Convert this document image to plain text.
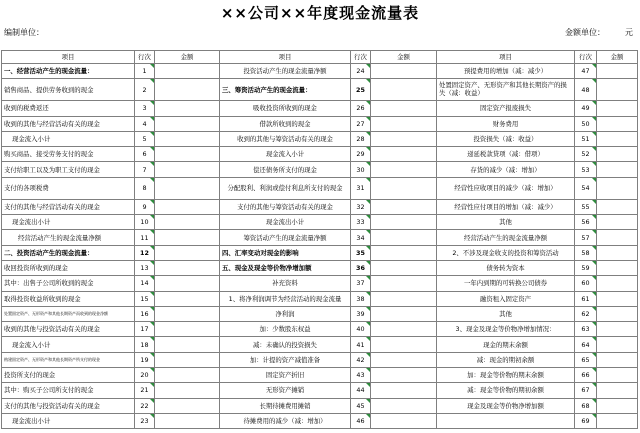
××公司××年度现金流量表
编制单位：	金额单位：	元
项目	行次	金额	项目	行次	金额	项目	行次	金额
一、经营活动产生的现金流量：	1		投资活动产生的现金流量净额	24		预提费用的增加（减：减少）	47

销售商品、提供劳务收到的现金	2		三、筹资活动产生的现金流量：	25		处置固定资产、无形资产和其他长期资产的损失（减：收益）	48

收到的税费返还	3		吸收投资所收到的现金	26		固定资产报废损失	49

收到的其他与经营活动有关的现金	4		借款所收到的现金	27		财务费用	50

现金流入小计	5		收到的其他与筹资活动有关的现金	28		投资损失（减：收益）	51

购买商品、接受劳务支付的现金	6		现金流入小计	29		递延税款贷项（减：借项）	52

支付给职工以及为职工支付的现金	7		偿还债务所支付的现金	30		存货的减少（减：增加）	53

支付的各项税费	8		分配股利、利润或偿付利息所支付的现金	31		经营性应收项目的减少（减：增加）	54

支付的其他与经营活动有关的现金	9		支付的其他与筹资活动有关的现金	32		经营性应付项目的增加（减：减少）	55

现金流出小计	10		现金流出小计	33		其他	56

经营活动产生的现金流量净额	11		筹资活动产生的现金流量净额	34		经营活动产生的现金流量净额	57

二、投资活动产生的现金流量：	12		四、汇率变动对现金的影响	35		2、不涉及现金收支的投资和筹资活动	58

收回投资所收到的现金	13		五、现金及现金等价物净增加额	36		债务转为资本	59

其中：出售子公司所收到的现金	14		补充资料	37		一年内到期的可转换公司债券	60

取得投资收益所收到的现金	15		1、将净利润调节为经营活动的现金流量	38		融资租入固定资产	61

处置固定资产、无形资产和其他长期资产而收到的现金净额	16		净利润	39		其他	62

收到的其他与投资活动有关的现金	17		加：少数股东权益	40		3、现金及现金等价物净增加情况：	63

现金流入小计	18		减：未确认的投资损失	41		现金的期末余额	64

购建固定资产、无形资产和其他长期资产所支付的现金	19		加：计提的资产减值准备	42		减：现金的期初余额	65

投资所支付的现金	20		固定资产折旧	43		加：现金等价物的期末余额	66

其中：购买子公司所支付的现金	21		无形资产摊销	44		减：现金等价物的期初余额	67

支付的其他与投资活动有关的现金	22		长期待摊费用摊销	45		现金及现金等价物净增加额	68

现金流出小计	23		待摊费用的减少（减：增加）	46			69
